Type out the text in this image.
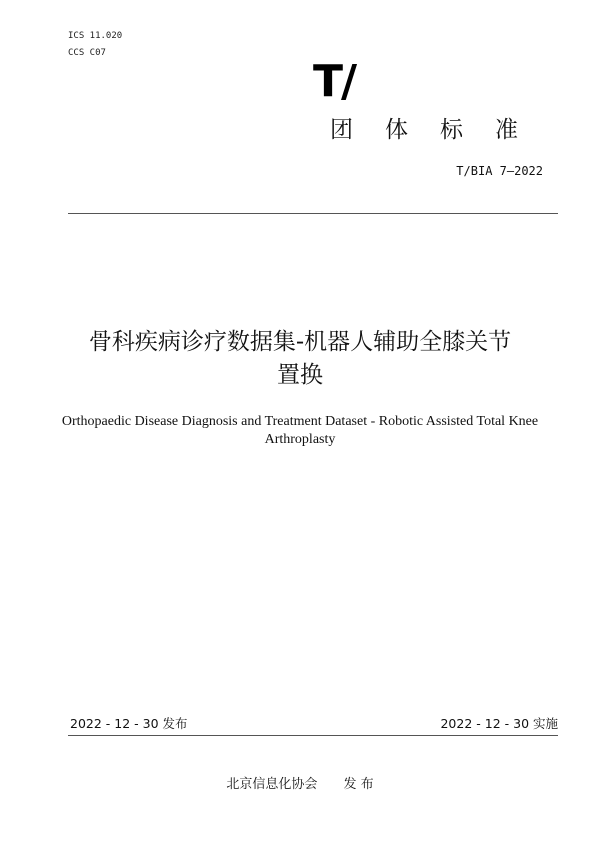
ICS 11.020
CCS C07
T/
团体标准
T/BIA 7—2022
骨科疾病诊疗数据集-机器人辅助全膝关节
置换
Orthopaedic Disease Diagnosis and Treatment Dataset - Robotic Assisted Total Knee
Arthroplasty
2022 - 12 - 30 发布	2022 - 12 - 30 实施
北京信息化协会 发 布
